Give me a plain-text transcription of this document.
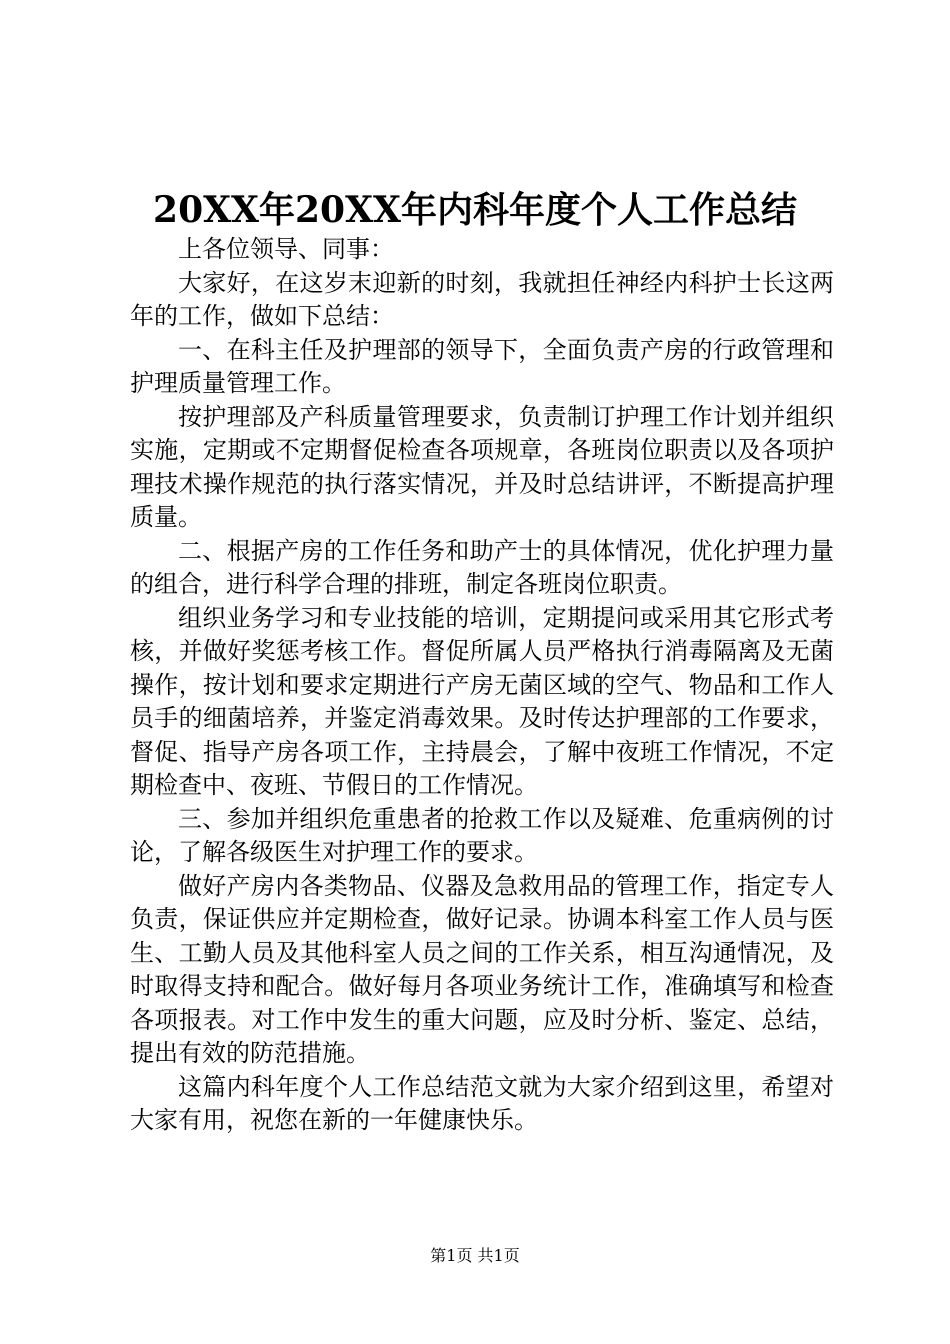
20XX年20XX年内科年度个人工作总结

上各位领导、同事：

大家好，在这岁末迎新的时刻，我就担任神经内科护士长这两年的工作，做如下总结：

一、在科主任及护理部的领导下，全面负责产房的行政管理和护理质量管理工作。

按护理部及产科质量管理要求，负责制订护理工作计划并组织实施，定期或不定期督促检查各项规章，各班岗位职责以及各项护理技术操作规范的执行落实情况，并及时总结讲评，不断提高护理质量。

二、根据产房的工作任务和助产士的具体情况，优化护理力量的组合，进行科学合理的排班，制定各班岗位职责。

组织业务学习和专业技能的培训，定期提问或采用其它形式考核，并做好奖惩考核工作。督促所属人员严格执行消毒隔离及无菌操作，按计划和要求定期进行产房无菌区域的空气、物品和工作人员手的细菌培养，并鉴定消毒效果。及时传达护理部的工作要求，督促、指导产房各项工作，主持晨会，了解中夜班工作情况，不定期检查中、夜班、节假日的工作情况。

三、参加并组织危重患者的抢救工作以及疑难、危重病例的讨论，了解各级医生对护理工作的要求。

做好产房内各类物品、仪器及急救用品的管理工作，指定专人负责，保证供应并定期检查，做好记录。协调本科室工作人员与医生、工勤人员及其他科室人员之间的工作关系，相互沟通情况，及时取得支持和配合。做好每月各项业务统计工作，准确填写和检查各项报表。对工作中发生的重大问题，应及时分析、鉴定、总结，提出有效的防范措施。

这篇内科年度个人工作总结范文就为大家介绍到这里，希望对大家有用，祝您在新的一年健康快乐。

第1页 共1页
